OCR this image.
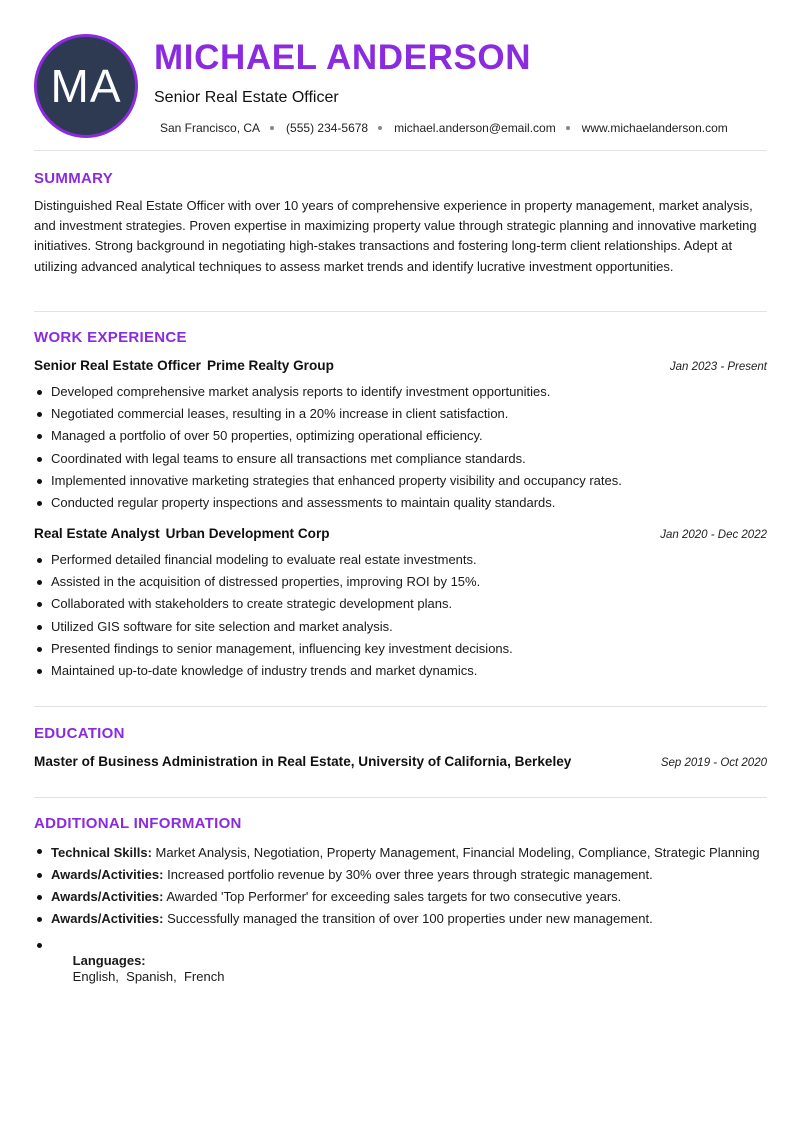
MA
MICHAEL ANDERSON
Senior Real Estate Officer
San Francisco, CA (555) 234-5678 michael.anderson@email.com www.michaelanderson.com
SUMMARY
Distinguished Real Estate Officer with over 10 years of comprehensive experience in property management, market analysis, and investment strategies. Proven expertise in maximizing property value through strategic planning and innovative marketing initiatives. Strong background in negotiating high-stakes transactions and fostering long-term client relationships. Adept at utilizing advanced analytical techniques to assess market trends and identify lucrative investment opportunities.
WORK EXPERIENCE
Senior Real Estate Officer Prime Realty Group	Jan 2023 - Present
Developed comprehensive market analysis reports to identify investment opportunities.
Negotiated commercial leases, resulting in a 20% increase in client satisfaction.
Managed a portfolio of over 50 properties, optimizing operational efficiency.
Coordinated with legal teams to ensure all transactions met compliance standards.
Implemented innovative marketing strategies that enhanced property visibility and occupancy rates.
Conducted regular property inspections and assessments to maintain quality standards.
Real Estate Analyst Urban Development Corp	Jan 2020 - Dec 2022
Performed detailed financial modeling to evaluate real estate investments.
Assisted in the acquisition of distressed properties, improving ROI by 15%.
Collaborated with stakeholders to create strategic development plans.
Utilized GIS software for site selection and market analysis.
Presented findings to senior management, influencing key investment decisions.
Maintained up-to-date knowledge of industry trends and market dynamics.
EDUCATION
Master of Business Administration in Real Estate, University of California, Berkeley	Sep 2019 - Oct 2020
ADDITIONAL INFORMATION
Technical Skills: Market Analysis, Negotiation, Property Management, Financial Modeling, Compliance, Strategic Planning
Awards/Activities: Increased portfolio revenue by 30% over three years through strategic management.
Awards/Activities: Awarded 'Top Performer' for exceeding sales targets for two consecutive years.
Awards/Activities: Successfully managed the transition of over 100 properties under new management.

Languages:
English,  Spanish,  French
